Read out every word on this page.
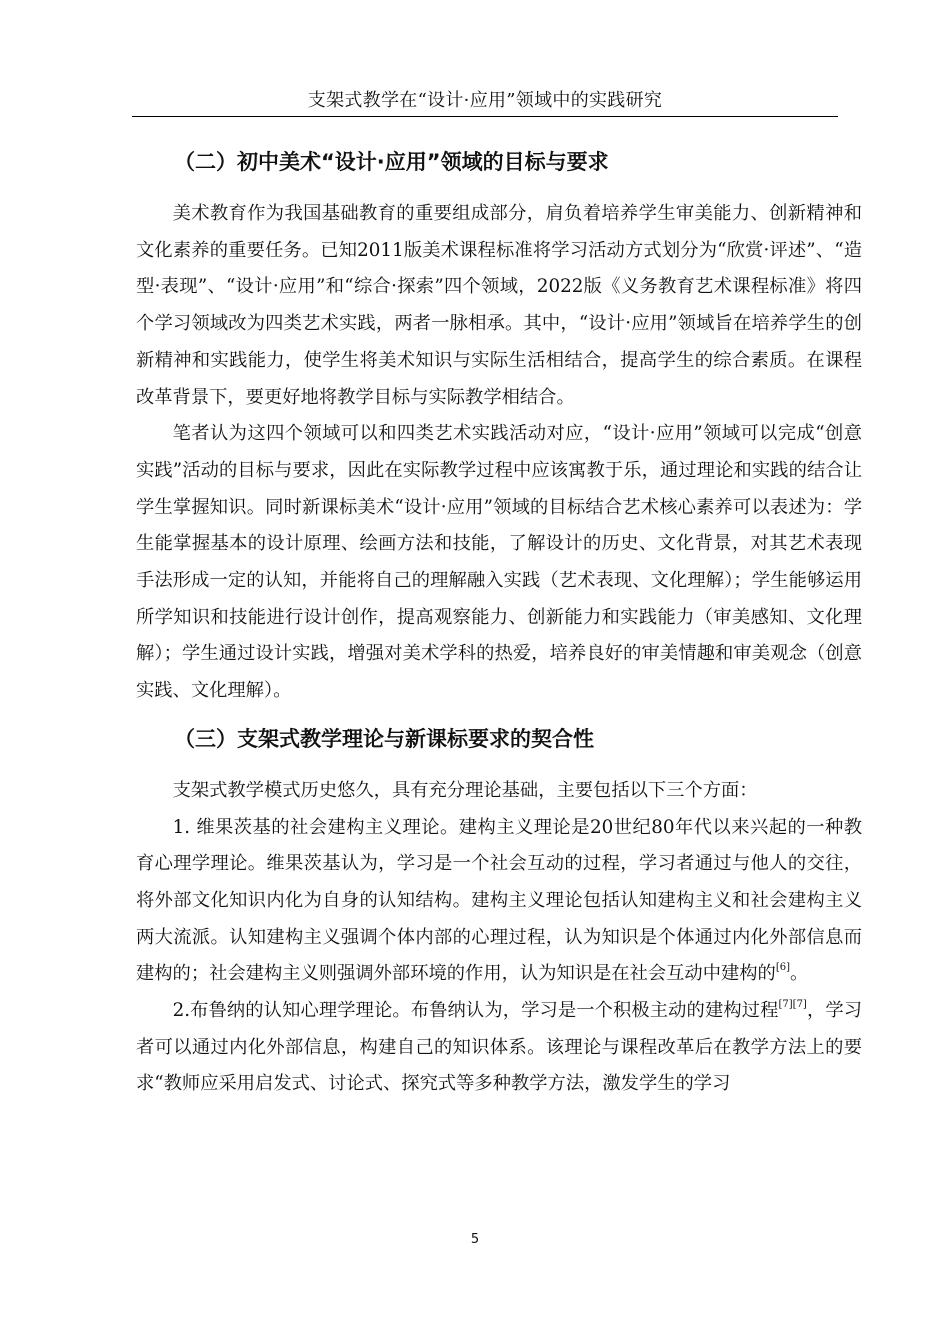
支架式教学在“设计·应用”领域中的实践研究
（二）初中美术“设计·应用”领域的目标与要求

美术教育作为我国基础教育的重要组成部分，肩负着培养学生审美能力、创新精神和文化素养的重要任务。已知2011版美术课程标准将学习活动方式划分为“欣赏·评述”、“造型·表现”、“设计·应用”和“综合·探索”四个领域，2022版《义务教育艺术课程标准》将四个学习领域改为四类艺术实践，两者一脉相承。其中，“设计·应用”领域旨在培养学生的创新精神和实践能力，使学生将美术知识与实际生活相结合，提高学生的综合素质。在课程改革背景下，要更好地将教学目标与实际教学相结合。

笔者认为这四个领域可以和四类艺术实践活动对应，“设计·应用”领域可以完成“创意实践”活动的目标与要求，因此在实际教学过程中应该寓教于乐，通过理论和实践的结合让学生掌握知识。同时新课标美术“设计·应用”领域的目标结合艺术核心素养可以表述为：学生能掌握基本的设计原理、绘画方法和技能，了解设计的历史、文化背景，对其艺术表现手法形成一定的认知，并能将自己的理解融入实践（艺术表现、文化理解）；学生能够运用所学知识和技能进行设计创作，提高观察能力、创新能力和实践能力（审美感知、文化理解）；学生通过设计实践，增强对美术学科的热爱，培养良好的审美情趣和审美观念（创意实践、文化理解）。

（三）支架式教学理论与新课标要求的契合性

支架式教学模式历史悠久，具有充分理论基础，主要包括以下三个方面：

1. 维果茨基的社会建构主义理论。建构主义理论是20世纪80年代以来兴起的一种教育心理学理论。维果茨基认为，学习是一个社会互动的过程，学习者通过与他人的交往，将外部文化知识内化为自身的认知结构。建构主义理论包括认知建构主义和社会建构主义两大流派。认知建构主义强调个体内部的心理过程，认为知识是个体通过内化外部信息而建构的；社会建构主义则强调外部环境的作用，认为知识是在社会互动中建构的[6]。

2.布鲁纳的认知心理学理论。布鲁纳认为，学习是一个积极主动的建构过程[7][7]，学习者可以通过内化外部信息，构建自己的知识体系。该理论与课程改革后在教学方法上的要求“教师应采用启发式、讨论式、探究式等多种教学方法，激发学生的学习

5
